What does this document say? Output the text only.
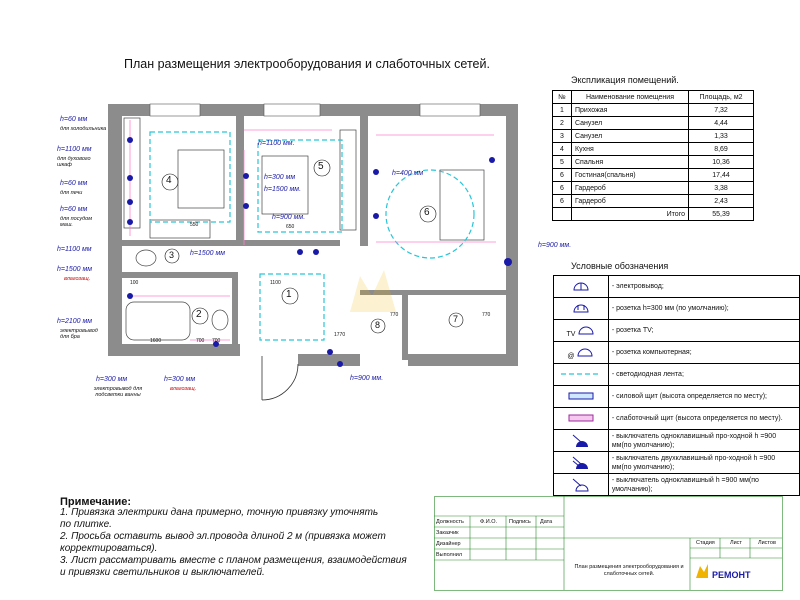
План размещения электрооборудования и слаботочных сетей.
4
5
6
3
1
2
8
7
h=60 мм
для холодильника
h=1100 мм
для духового шкаф
h=60 мм
для печи
h=60 мм
для посудом маш.
h=1100 мм
h=1500 мм
влагозащ.
h=2100 мм
электровывод для бра
h=300 мм
электровывод для подсветки ванны
h=300 мм
влагозащ.
h=1100 мм.
h=300 мм
h=1500 мм.
h=900 мм.
h=1500 мм
h=400 мм
h=900 мм.
h=900 мм.
1600
550
700 700
650
1770
100	1100
770	770
Экспликация помещений.
№	Наименование помещения	Площадь, м2
1	Прихожая	7,32
2	Санузел	4,44
3	Санузел	1,33
4	Кухня	8,69
5	Спальня	10,36
6	Гостиная(спальня)	17,44
6	Гардероб	3,38
6	Гардероб	2,43
	Итого	55,39
Условные обозначения
	- электровывод;
	- розетка h=300 мм (по умолчанию);
TV	- розетка TV;
@	- розетка компьютерная;
	- светодиодная лента;
	- силовой щит (высота определяется по месту);
	- слаботочный щит (высота определяется по месту).
	- выключатель одноклавишный про-ходной h =900 мм(по умолчанию);
	- выключатель двухклавишный про-ходной h =900 мм(по умолчанию);
	- выключатель одноклавишный h =900 мм(по умолчанию);
Примечание:
1. Привязка электрики дана примерно, точную привязку уточнять
по плитке.
2. Просьба оставить вывод эл.провода длиной 2 м (привязка может
корректироваться).
3. Лист рассматривать вместе с планом размещения, взаимодействия
и привязки светильников и выключателей.
Должность	Ф.И.О. Подпись Дата
Заказчик
Дизайнер
Выполнил
Стадия	Лист	Листов
План размещения электрооборудования и слаботочных сетей.	РЕМОНТ
